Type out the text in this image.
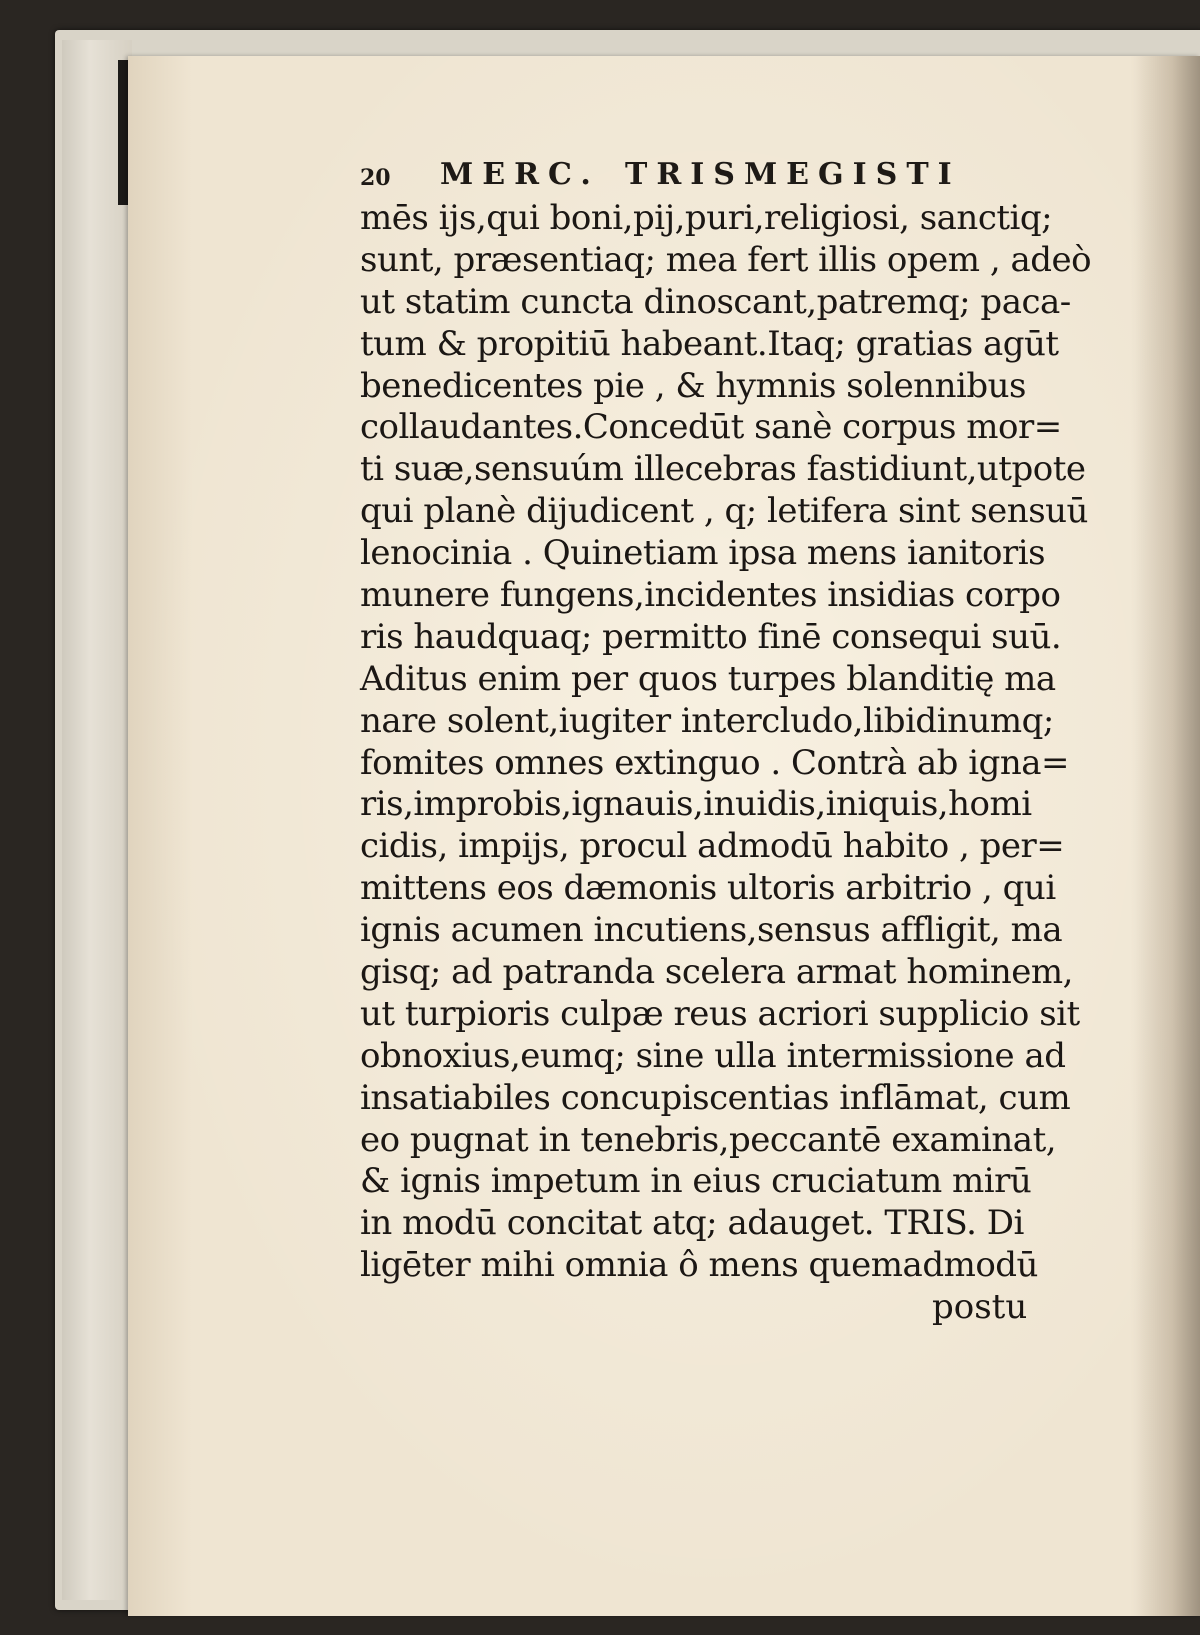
20 MERC. TRISMEGISTI
mēs ijs,qui boni,pij,puri,religiosi, sanctiq;
sunt, præsentiaq; mea fert illis opem , adeò
ut statim cuncta dinoscant,patremq; paca-
tum & propitiū habeant.Itaq; gratias agūt
benedicentes pie , & hymnis solennibus
collaudantes.Concedūt sanè corpus mor=
ti suæ,sensuúm illecebras fastidiunt,utpote
qui planè dijudicent , q; letifera sint sensuū
lenocinia . Quinetiam ipsa mens ianitoris
munere fungens,incidentes insidias corpo
ris haudquaq; permitto finē consequi suū.
Aditus enim per quos turpes blanditię ma
nare solent,iugiter intercludo,libidinumq;
fomites omnes extinguo . Contrà ab igna=
ris,improbis,ignauis,inuidis,iniquis,homi
cidis, impijs, procul admodū habito , per=
mittens eos dæmonis ultoris arbitrio , qui
ignis acumen incutiens,sensus affligit, ma
gisq; ad patranda scelera armat hominem,
ut turpioris culpæ reus acriori supplicio sit
obnoxius,eumq; sine ulla intermissione ad
insatiabiles concupiscentias inflāmat, cum
eo pugnat in tenebris,peccantē examinat,
& ignis impetum in eius cruciatum mirū
in modū concitat atq; adauget. TRIS. Di
ligēter mihi omnia ô mens quemadmodū
postu
